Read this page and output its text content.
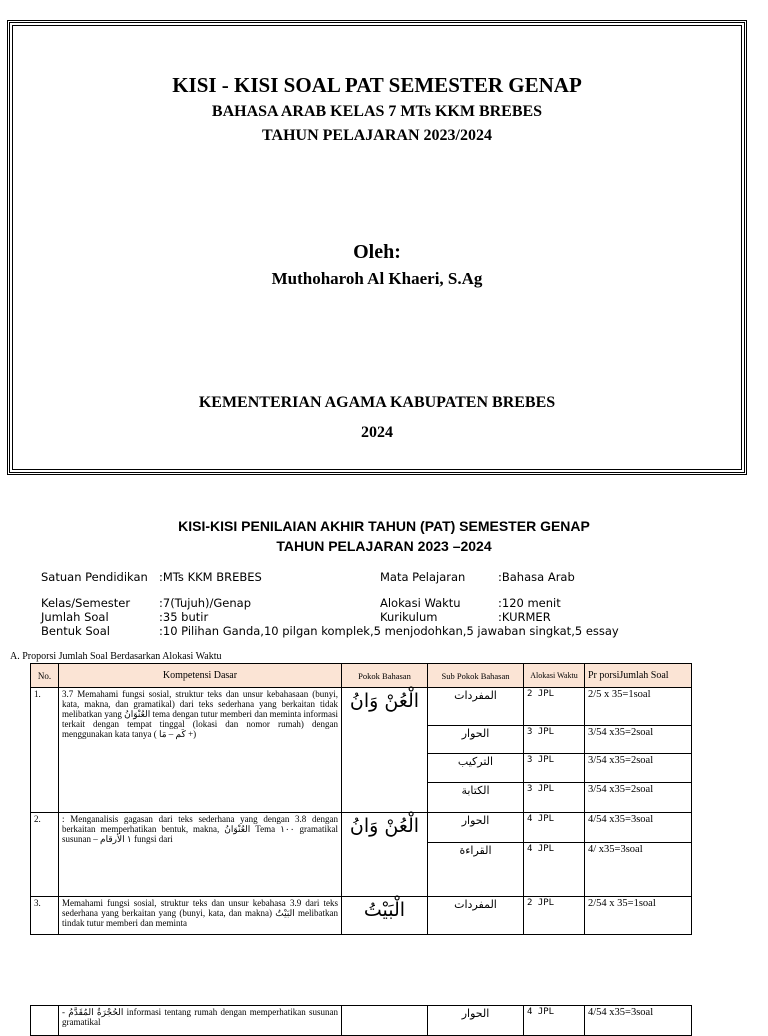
KISI - KISI SOAL PAT SEMESTER GENAP
BAHASA ARAB KELAS 7 MTs KKM BREBES
TAHUN PELAJARAN 2023/2024
Oleh:
Muthoharoh Al Khaeri, S.Ag
KEMENTERIAN AGAMA KABUPATEN BREBES
2024
KISI-KISI PENILAIAN AKHIR TAHUN (PAT) SEMESTER GENAP
TAHUN PELAJARAN 2023 –2024
Satuan Pendidikan :MTs KKM BREBES
Kelas/Semester	:7(Tujuh)/Genap
Jumlah Soal	:35 butir
Bentuk Soal	:10 Pilihan Ganda,10 pilgan komplek,5 menjodohkan,5 jawaban singkat,5 essay
Mata Pelajaran	:Bahasa Arab
Alokasi Waktu	:120 menit
Kurikulum	:KURMER
A. Proporsi Jumlah Soal Berdasarkan Alokasi Waktu
No.	Kompetensi Dasar	Pokok Bahasan	Sub Pokok Bahasan	Alokasi Waktu	Pr porsiJumlah Soal
1.	3.7 Memahami fungsi sosial, struktur teks dan unsur kebahasaan (bunyi, kata, makna, dan gramatikal) dari teks sederhana yang berkaitan tidak melibatkan yang العُنْوَانُ tema dengan tutur memberi dan meminta informasi terkait dengan tempat tinggal (lokasi dan nomor rumah) dengan menggunakan kata tanya ( كَم – مَا +)	الْعُنْ وَانُ	المفردات	2 JPL	2/5 x 35=1soal
			الحوار	3 JPL	3/54 x35=2soal
			التركيب	3 JPL	3/54 x35=2soal
			الكتابة	3 JPL	3/54 x35=2soal
2.	: Menganalisis gagasan dari teks sederhana yang dengan 3.8 dengan berkaitan memperhatikan bentuk, makna, العُنْوَانُ Tema ١٠٠ gramatikal susunan – ١ الأرقام fungsi dari	الْعُنْ وَانُ	الحوار	4 JPL	4/54 x35=3soal
			القراءة	4 JPL	4/ x35=3soal
3.	Memahami fungsi sosial, struktur teks dan unsur kebahasa 3.9 dari teks sederhana yang berkaitan yang (bunyi, kata, dan makna) البَيْتُ melibatkan tindak tutur memberi dan meminta	الْبَيْتُ	المفردات	2 JPL	2/54 x 35=1soal
	- الحُجْرَةُ المُقَدَّمُ informasi tentang rumah dengan memperhatikan susunan gramatikal		الحوار	4 JPL	4/54 x35=3soal
